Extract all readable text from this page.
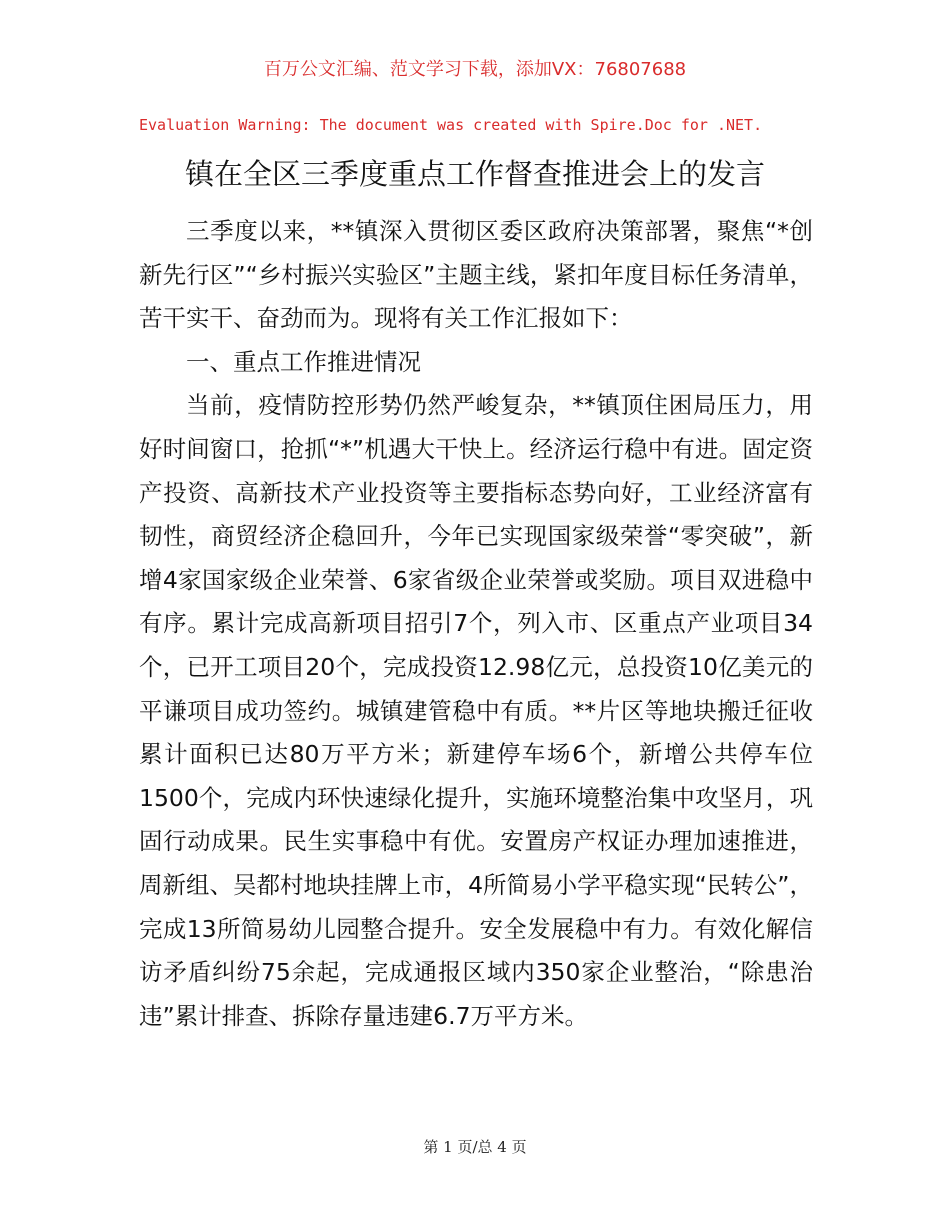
百万公文汇编、范文学习下载，添加VX：76807688
Evaluation Warning: The document was created with Spire.Doc for .NET.
镇在全区三季度重点工作督查推进会上的发言

三季度以来，**镇深入贯彻区委区政府决策部署，聚焦“*创新先行区”“乡村振兴实验区”主题主线，紧扣年度目标任务清单，苦干实干、奋劲而为。现将有关工作汇报如下：

一、重点工作推进情况

当前，疫情防控形势仍然严峻复杂，**镇顶住困局压力，用好时间窗口，抢抓“*”机遇大干快上。经济运行稳中有进。固定资产投资、高新技术产业投资等主要指标态势向好，工业经济富有韧性，商贸经济企稳回升，今年已实现国家级荣誉“零突破”，新增4家国家级企业荣誉、6家省级企业荣誉或奖励。项目双进稳中有序。累计完成高新项目招引7个，列入市、区重点产业项目34个，已开工项目20个，完成投资12.98亿元，总投资10亿美元的平谦项目成功签约。城镇建管稳中有质。**片区等地块搬迁征收累计面积已达80万平方米；新建停车场6个，新增公共停车位1500个，完成内环快速绿化提升，实施环境整治集中攻坚月，巩固行动成果。民生实事稳中有优。安置房产权证办理加速推进，周新组、吴都村地块挂牌上市，4所简易小学平稳实现“民转公”，完成13所简易幼儿园整合提升。安全发展稳中有力。有效化解信访矛盾纠纷75余起，完成通报区域内350家企业整治，“除患治违”累计排查、拆除存量违建6.7万平方米。

第 1 页/总 4 页
